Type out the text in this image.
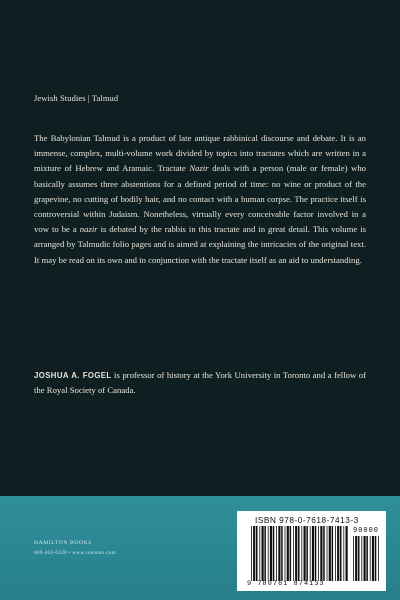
Jewish Studies | Talmud

The Babylonian Talmud is a product of late antique rabbinical discourse and debate. It is an immense, complex, multi-volume work divided by topics into tractates which are written in a mixture of Hebrew and Aramaic. Tractate Nazir deals with a person (male or female) who basically assumes three abstentions for a defined period of time: no wine or product of the grapevine, no cutting of bodily hair, and no contact with a human corpse. The practice itself is controversial within Judaism. Nonetheless, virtually every conceivable factor involved in a vow to be a nazir is debated by the rabbis in this tractate and in great detail. This volume is arranged by Talmudic folio pages and is aimed at explaining the intricacies of the original text. It may be read on its own and in conjunction with the tractate itself as an aid to understanding.

JOSHUA A. FOGEL is professor of history at the York University in Toronto and a fellow of the Royal Society of Canada.

HAMILTON BOOKS
800-462-6420 • www.rowman.com
ISBN 978-0-7618-7413-3
9 780761 874133
90000
